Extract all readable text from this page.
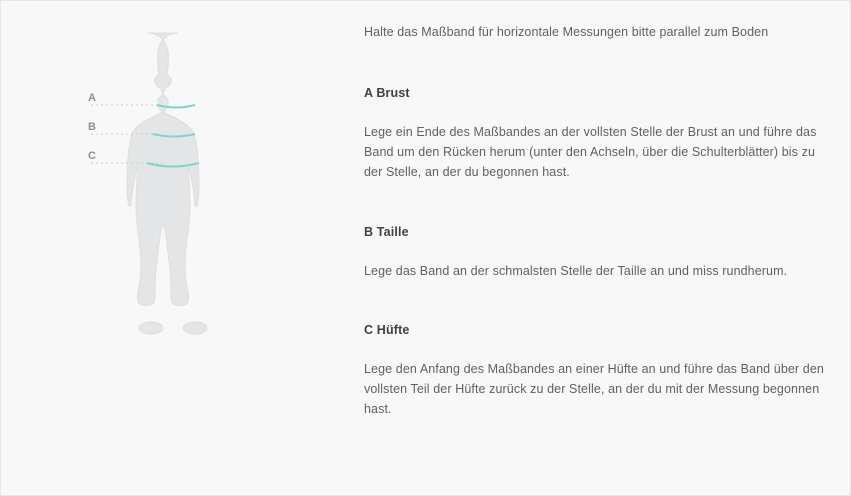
A
B
C

Halte das Maßband für horizontale Messungen bitte parallel zum Boden

A Brust

Lege ein Ende des Maßbandes an der vollsten Stelle der Brust an und führe das Band um den Rücken herum (unter den Achseln, über die Schulterblätter) bis zu der Stelle, an der du begonnen hast.

B Taille

Lege das Band an der schmalsten Stelle der Taille an und miss rundherum.

C Hüfte

Lege den Anfang des Maßbandes an einer Hüfte an und führe das Band über den vollsten Teil der Hüfte zurück zu der Stelle, an der du mit der Messung begonnen hast.
